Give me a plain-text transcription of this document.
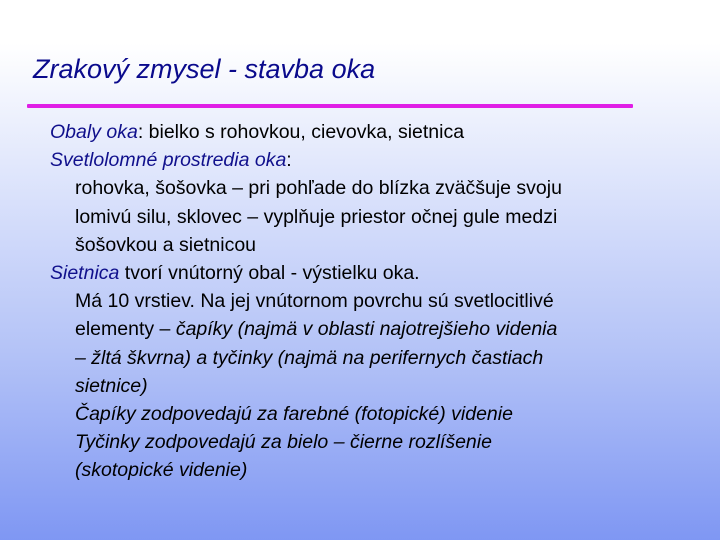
Zrakový zmysel - stavba oka
Obaly oka: bielko s rohovkou, cievovka, sietnica
Svetlolomné prostredia oka:
rohovka, šošovka – pri pohľade do blízka zväčšuje svoju
lomivú silu, sklovec – vyplňuje priestor očnej gule medzi
šošovkou a sietnicou
Sietnica tvorí vnútorný obal - výstielku oka.
Má 10 vrstiev. Na jej vnútornom povrchu sú svetlocitlivé
elementy – čapíky (najmä v oblasti najotrejšieho videnia
– žltá škvrna) a tyčinky (najmä na perifernych častiach
sietnice)
Čapíky zodpovedajú za farebné (fotopické) videnie
Tyčinky zodpovedajú za bielo – čierne rozlíšenie
(skotopické videnie)
